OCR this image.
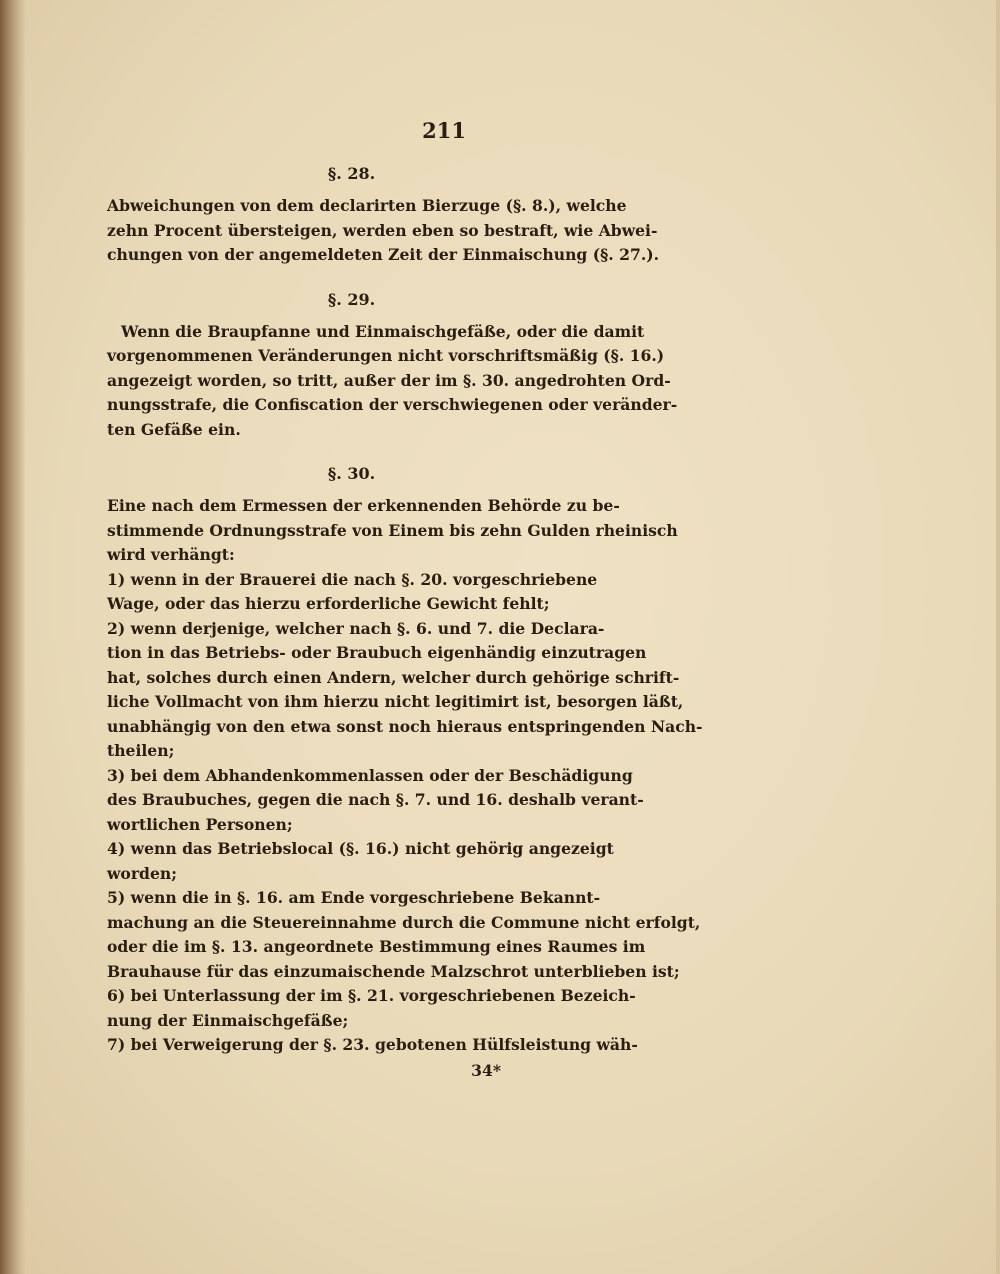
211
§. 28.
Abweichungen von dem declarirten Bierzuge (§. 8.), welche
zehn Procent übersteigen, werden eben so bestraft, wie Abwei-
chungen von der angemeldeten Zeit der Einmaischung (§. 27.).
§. 29.
Wenn die Braupfanne und Einmaischgefäße, oder die damit
vorgenommenen Veränderungen nicht vorschriftsmäßig (§. 16.)
angezeigt worden, so tritt, außer der im §. 30. angedrohten Ord-
nungsstrafe, die Confiscation der verschwiegenen oder veränder-
ten Gefäße ein.
§. 30.
Eine nach dem Ermessen der erkennenden Behörde zu be-
stimmende Ordnungsstrafe von Einem bis zehn Gulden rheinisch
wird verhängt:
1) wenn in der Brauerei die nach §. 20. vorgeschriebene
Wage, oder das hierzu erforderliche Gewicht fehlt;
2) wenn derjenige, welcher nach §. 6. und 7. die Declara-
tion in das Betriebs- oder Braubuch eigenhändig einzutragen
hat, solches durch einen Andern, welcher durch gehörige schrift-
liche Vollmacht von ihm hierzu nicht legitimirt ist, besorgen läßt,
unabhängig von den etwa sonst noch hieraus entspringenden Nach-
theilen;
3) bei dem Abhandenkommenlassen oder der Beschädigung
des Braubuches, gegen die nach §. 7. und 16. deshalb verant-
wortlichen Personen;
4) wenn das Betriebslocal (§. 16.) nicht gehörig angezeigt
worden;
5) wenn die in §. 16. am Ende vorgeschriebene Bekannt-
machung an die Steuereinnahme durch die Commune nicht erfolgt,
oder die im §. 13. angeordnete Bestimmung eines Raumes im
Brauhause für das einzumaischende Malzschrot unterblieben ist;
6) bei Unterlassung der im §. 21. vorgeschriebenen Bezeich-
nung der Einmaischgefäße;
7) bei Verweigerung der §. 23. gebotenen Hülfsleistung wäh-
34*
